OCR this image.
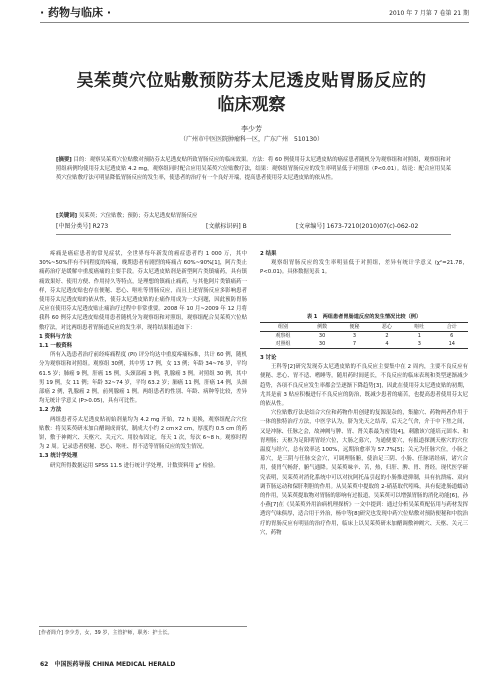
· 药物与临床 ·	2010 年 7 月第 7 卷第 21 期
吴茱萸穴位贴敷预防芬太尼透皮贴胃肠反应的
临床观察
李少芳
（广州市中医医院肿瘤科一区，广东广州　510130）
[摘要] 目的：观察吴茱萸穴位贴敷对预防芬太尼透皮贴所致胃肠反应的临床效果。方法：将 60 例使用芬太尼透皮贴的癌症患者随机分为观察组和对照组，观察组和对照组病例均使用芬太尼透皮贴 4.2 mg，观察组同时配合应用吴茱萸穴位贴敷疗法，结果：观察组胃肠反应的发生率明显低于对照组（P<0.01）。结论：配合应用吴茱萸穴位贴敷疗法可明显降低胃肠反应的发生率，使患者的治疗有一个良好开端，提高患者使用芬太尼透皮贴的依从性。
[关键词] 吴茱萸；穴位贴敷；预防；芬太尼透皮贴胃肠反应
[中图分类号] R273	[文献标识码] B	[文章编号] 1673-7210(2010)07(c)-062-02
疼痛是癌症患者的常见症状，全世界每年新发的癌症患者约 1 000 万，其中 30%~50%伴有不同程度的疼痛，晚期患者有剧烈的疼痛占 60%~90%[1]，阿片类止痛药治疗是缓解中重度癌痛的主要手段。芬太尼透皮贴剂是新型阿片类镇痛药，具有镇痛效果好、使用方便、作用持久等特点，是理想的镇痛止痛药，与其他阿片类镇痛药一样，芬太尼透皮贴也存在便秘、恶心、呕吐等胃肠反应，而且上述胃肠反应多影响患者使用芬太尼透皮贴的依从性，使芬太尼透皮贴的止痛作用成为一大问题，因此预防胃肠反应在使用芬太尼透皮贴止痛治疗过程中非常重要。2008 年 10 月~2009 年 12 月将我科 60 例芬太尼透皮贴使用患者随机分为观察组和对照组，观察组配合吴茱萸穴位贴敷疗法，对比两组患者胃肠道反应的发生率，现将结果报道如下：
1 资料与方法
1.1 一般资料
所有入选患者治疗前经疼痛程度 (PI) 评分均达中重度疼痛标准，共计 60 例，随机分为观察组和对照组。观察组 30例，其中男 17 例，女 13 例；年龄 34~76 岁，平均 61.5 岁；肺癌 9 例，肝癌 15 例，头颈部癌 3 例，乳腺癌 3 例。对照组 30 例，其中男 19 例，女 11 例；年龄 32~74 岁，平均 63.2 岁；肺癌 11 例，肝癌 14 例，头颈部癌 2 例，乳腺癌 2 例，前列腺癌 1 例。两组患者的性别、年龄、病种等比较，差异均无统计学意义 (P>0.05)，具有可比性。
1.2 方法
两组患者芬太尼透皮贴初始剂量均为 4.2 mg 开始，72 h 更换，观察组配合穴位贴敷：将吴茱萸研末加白醋调成膏状，制成大小约 2 cm×2 cm，厚度约 0.5 cm 的药饼，敷于神阙穴、天枢穴、关元穴、用胶布固定，每天 1 次，每次 6~8 h。观察时程为 2 周。记录患者便秘、恶心、呕吐、胃不适等胃肠反应的发生情况。
1.3 统计学处理
研究所得数据运用 SPSS 11.5 进行统计学处理，计数资料用 χ² 检验。
2 结果
观察组胃肠反应的发生率明显低于对照组，差异有统计学意义 (χ²=21.78，P<0.01)。具体数据见表 1。
表 1　两组患者胃肠道反应的发生情况比较（例）
组别	例数	便秘	恶心	呕吐	合计
观察组	30	3	2	1	6
对照组	30	7	4	3	14
3 讨论
王科等[2]研究发现芬太尼透皮贴的不良反应主要集中在 2 周内，主要不良反应有便秘、恶心、胃不适、嗜睡等，随用药时间延长，不良反应的临床表现和类型逐渐减少趋势，各项不良反应发生率都会呈逐渐下降趋势[3]，因此在使用芬太尼透皮贴的初期，尤其是前 3 贴应积极进行不良反应的防治，既减少患者的痛苦，也提高患者使用芬太尼的依从性。
穴位贴敷疗法是结合穴位和药物作用创建的复源混杂的，集腧穴、药物两者作用于一体的独特治疗方法，中医学认为，脐为先天之结蒂，后天之气舍，介于中下焦之间，又是冲脉、任脉之会，故神阙与脾、胃、肾关系最为密切[4]，刺激该穴能培元固本、和胃理肠；天枢为足阳明胃经穴位，大肠之募穴，为通便要穴，有报道探测天枢穴的穴位温度与经穴，总有效率达 100%，远期治愈率为 57.7%[5]；关元为任脉穴位，小肠之募穴，是三阴与任脉交会穴，可调理肠腑，使治足三阴、小肠、任脉诸经病，诸穴合用，使胃气畅舒，腑气通降。吴茱萸味辛、苦，热，归肝、脾、胃、肾经。现代医学研究表明，吴茱萸对消化系统中可以对抗阿托品引起的小肠推进抑制，具有抗溃疡、双向调节肠运动和保肝利胆的作用。从吴茱萸中提取的 2-硝基取代吲哚，具有促进肠道蠕动的作用，吴茱萸提取物对胃肠的影响有过报道，吴茱萸可以增强胃肠的消化功能[6]，孙小燕[7]在《吴茱萸外用治病机理探析》一文中提到：通过分析吴茱萸配伍用与药材发挥透窍气味俱厚，适合用于外治，杨中等[8]研究也发现中药穴位贴敷对预防便秘和中脘治疗的胃肠反应有明显的治疗作用，临床上以吴茱萸研末加醋调敷神阙穴、天枢、关元三穴，药物
[作者简介] 李少芳，女，39 岁，主管护师，职务：护士长。
62 中国医药导报 CHINA MEDICAL HERALD
